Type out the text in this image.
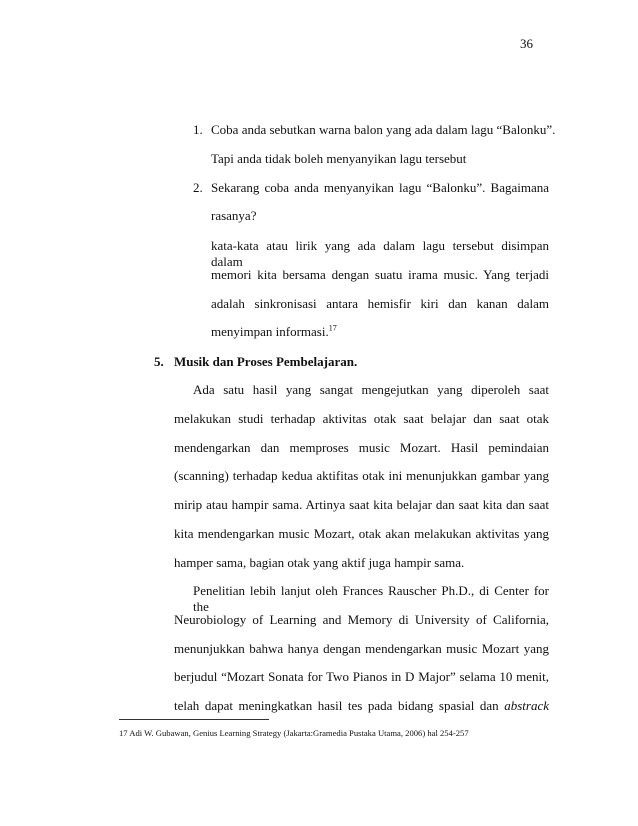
36
1. Coba anda sebutkan warna balon yang ada dalam lagu “Balonku”.
Tapi anda tidak boleh menyanyikan lagu tersebut
2. Sekarang coba anda menyanyikan lagu “Balonku”. Bagaimana
rasanya?
kata-kata atau lirik yang ada dalam lagu tersebut disimpan dalam
memori kita bersama dengan suatu irama music. Yang terjadi
adalah sinkronisasi antara hemisfir kiri dan kanan dalam
menyimpan informasi.$^{17}$
5. Musik dan Proses Pembelajaran.
Ada satu hasil yang sangat mengejutkan yang diperoleh saat
melakukan studi terhadap aktivitas otak saat belajar dan saat otak
mendengarkan dan memproses music Mozart. Hasil pemindaian
(scanning) terhadap kedua aktifitas otak ini menunjukkan gambar yang
mirip atau hampir sama. Artinya saat kita belajar dan saat kita dan saat
kita mendengarkan music Mozart, otak akan melakukan aktivitas yang
hamper sama, bagian otak yang aktif juga hampir sama.
Penelitian lebih lanjut oleh Frances Rauscher Ph.D., di Center for the
Neurobiology of Learning and Memory di University of California,
menunjukkan bahwa hanya dengan mendengarkan music Mozart yang
berjudul “Mozart Sonata for Two Pianos in D Major” selama 10 menit,
telah dapat meningkatkan hasil tes pada bidang spasial dan abstrack
17 Adi W. Gubawan, Genius Learning Strategy (Jakarta:Gramedia Pustaka Utama, 2006) hal 254-257
